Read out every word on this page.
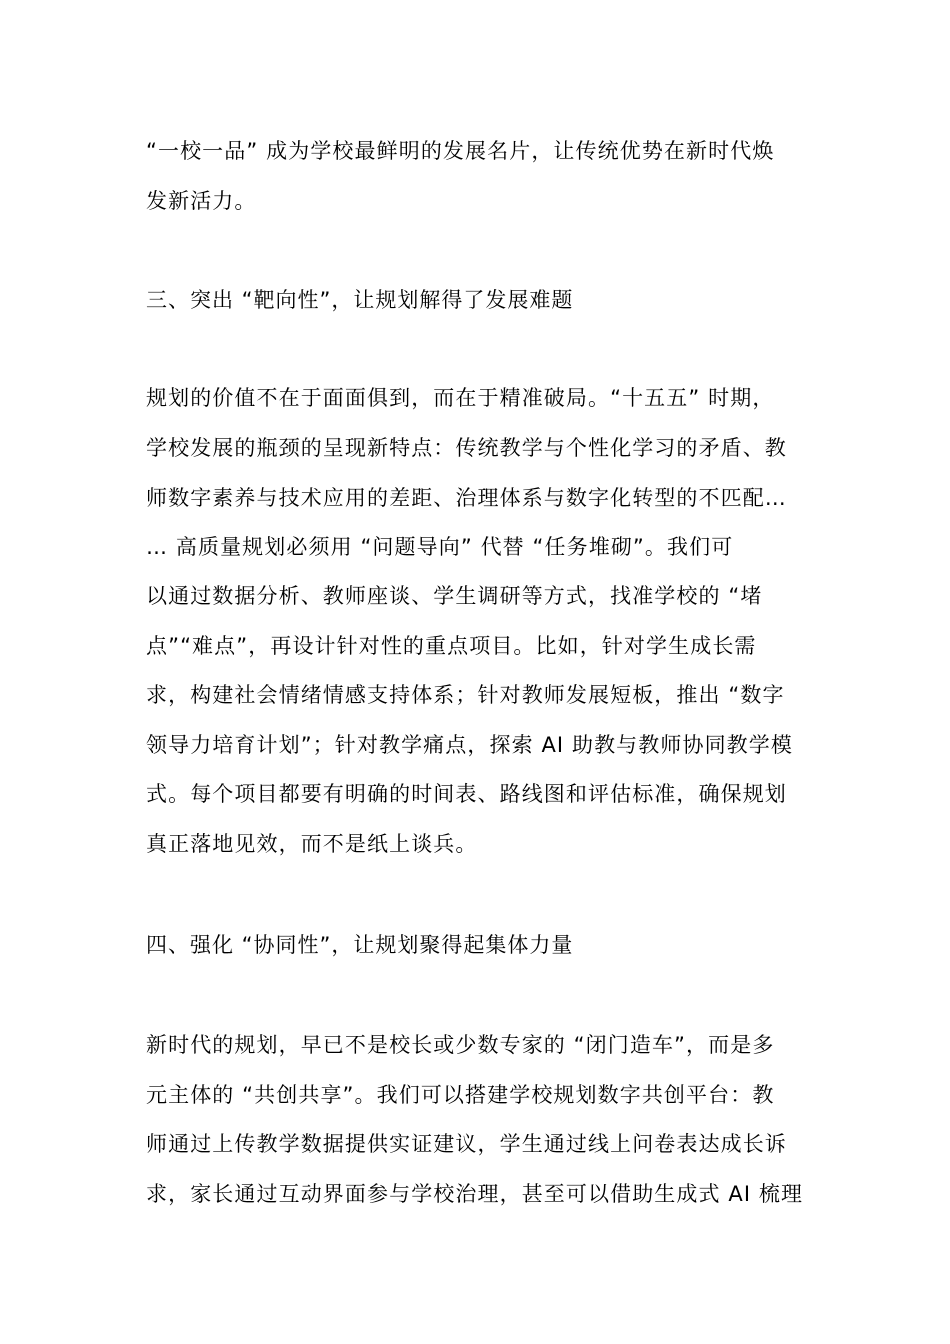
“一校一品” 成为学校最鲜明的发展名片，让传统优势在新时代焕
发新活力。
三、突出 “靶向性”，让规划解得了发展难题
规划的价值不在于面面俱到，而在于精准破局。“十五五” 时期，
学校发展的瓶颈的呈现新特点：传统教学与个性化学习的矛盾、教
师数字素养与技术应用的差距、治理体系与数字化转型的不匹配…
… 高质量规划必须用 “问题导向” 代替 “任务堆砌”。我们可
以通过数据分析、教师座谈、学生调研等方式，找准学校的 “堵
点”“难点”，再设计针对性的重点项目。比如，针对学生成长需
求，构建社会情绪情感支持体系；针对教师发展短板，推出 “数字
领导力培育计划”；针对教学痛点，探索 AI 助教与教师协同教学模
式。每个项目都要有明确的时间表、路线图和评估标准，确保规划
真正落地见效，而不是纸上谈兵。
四、强化 “协同性”，让规划聚得起集体力量
新时代的规划，早已不是校长或少数专家的 “闭门造车”，而是多
元主体的 “共创共享”。我们可以搭建学校规划数字共创平台：教
师通过上传教学数据提供实证建议，学生通过线上问卷表达成长诉
求，家长通过互动界面参与学校治理，甚至可以借助生成式 AI 梳理
